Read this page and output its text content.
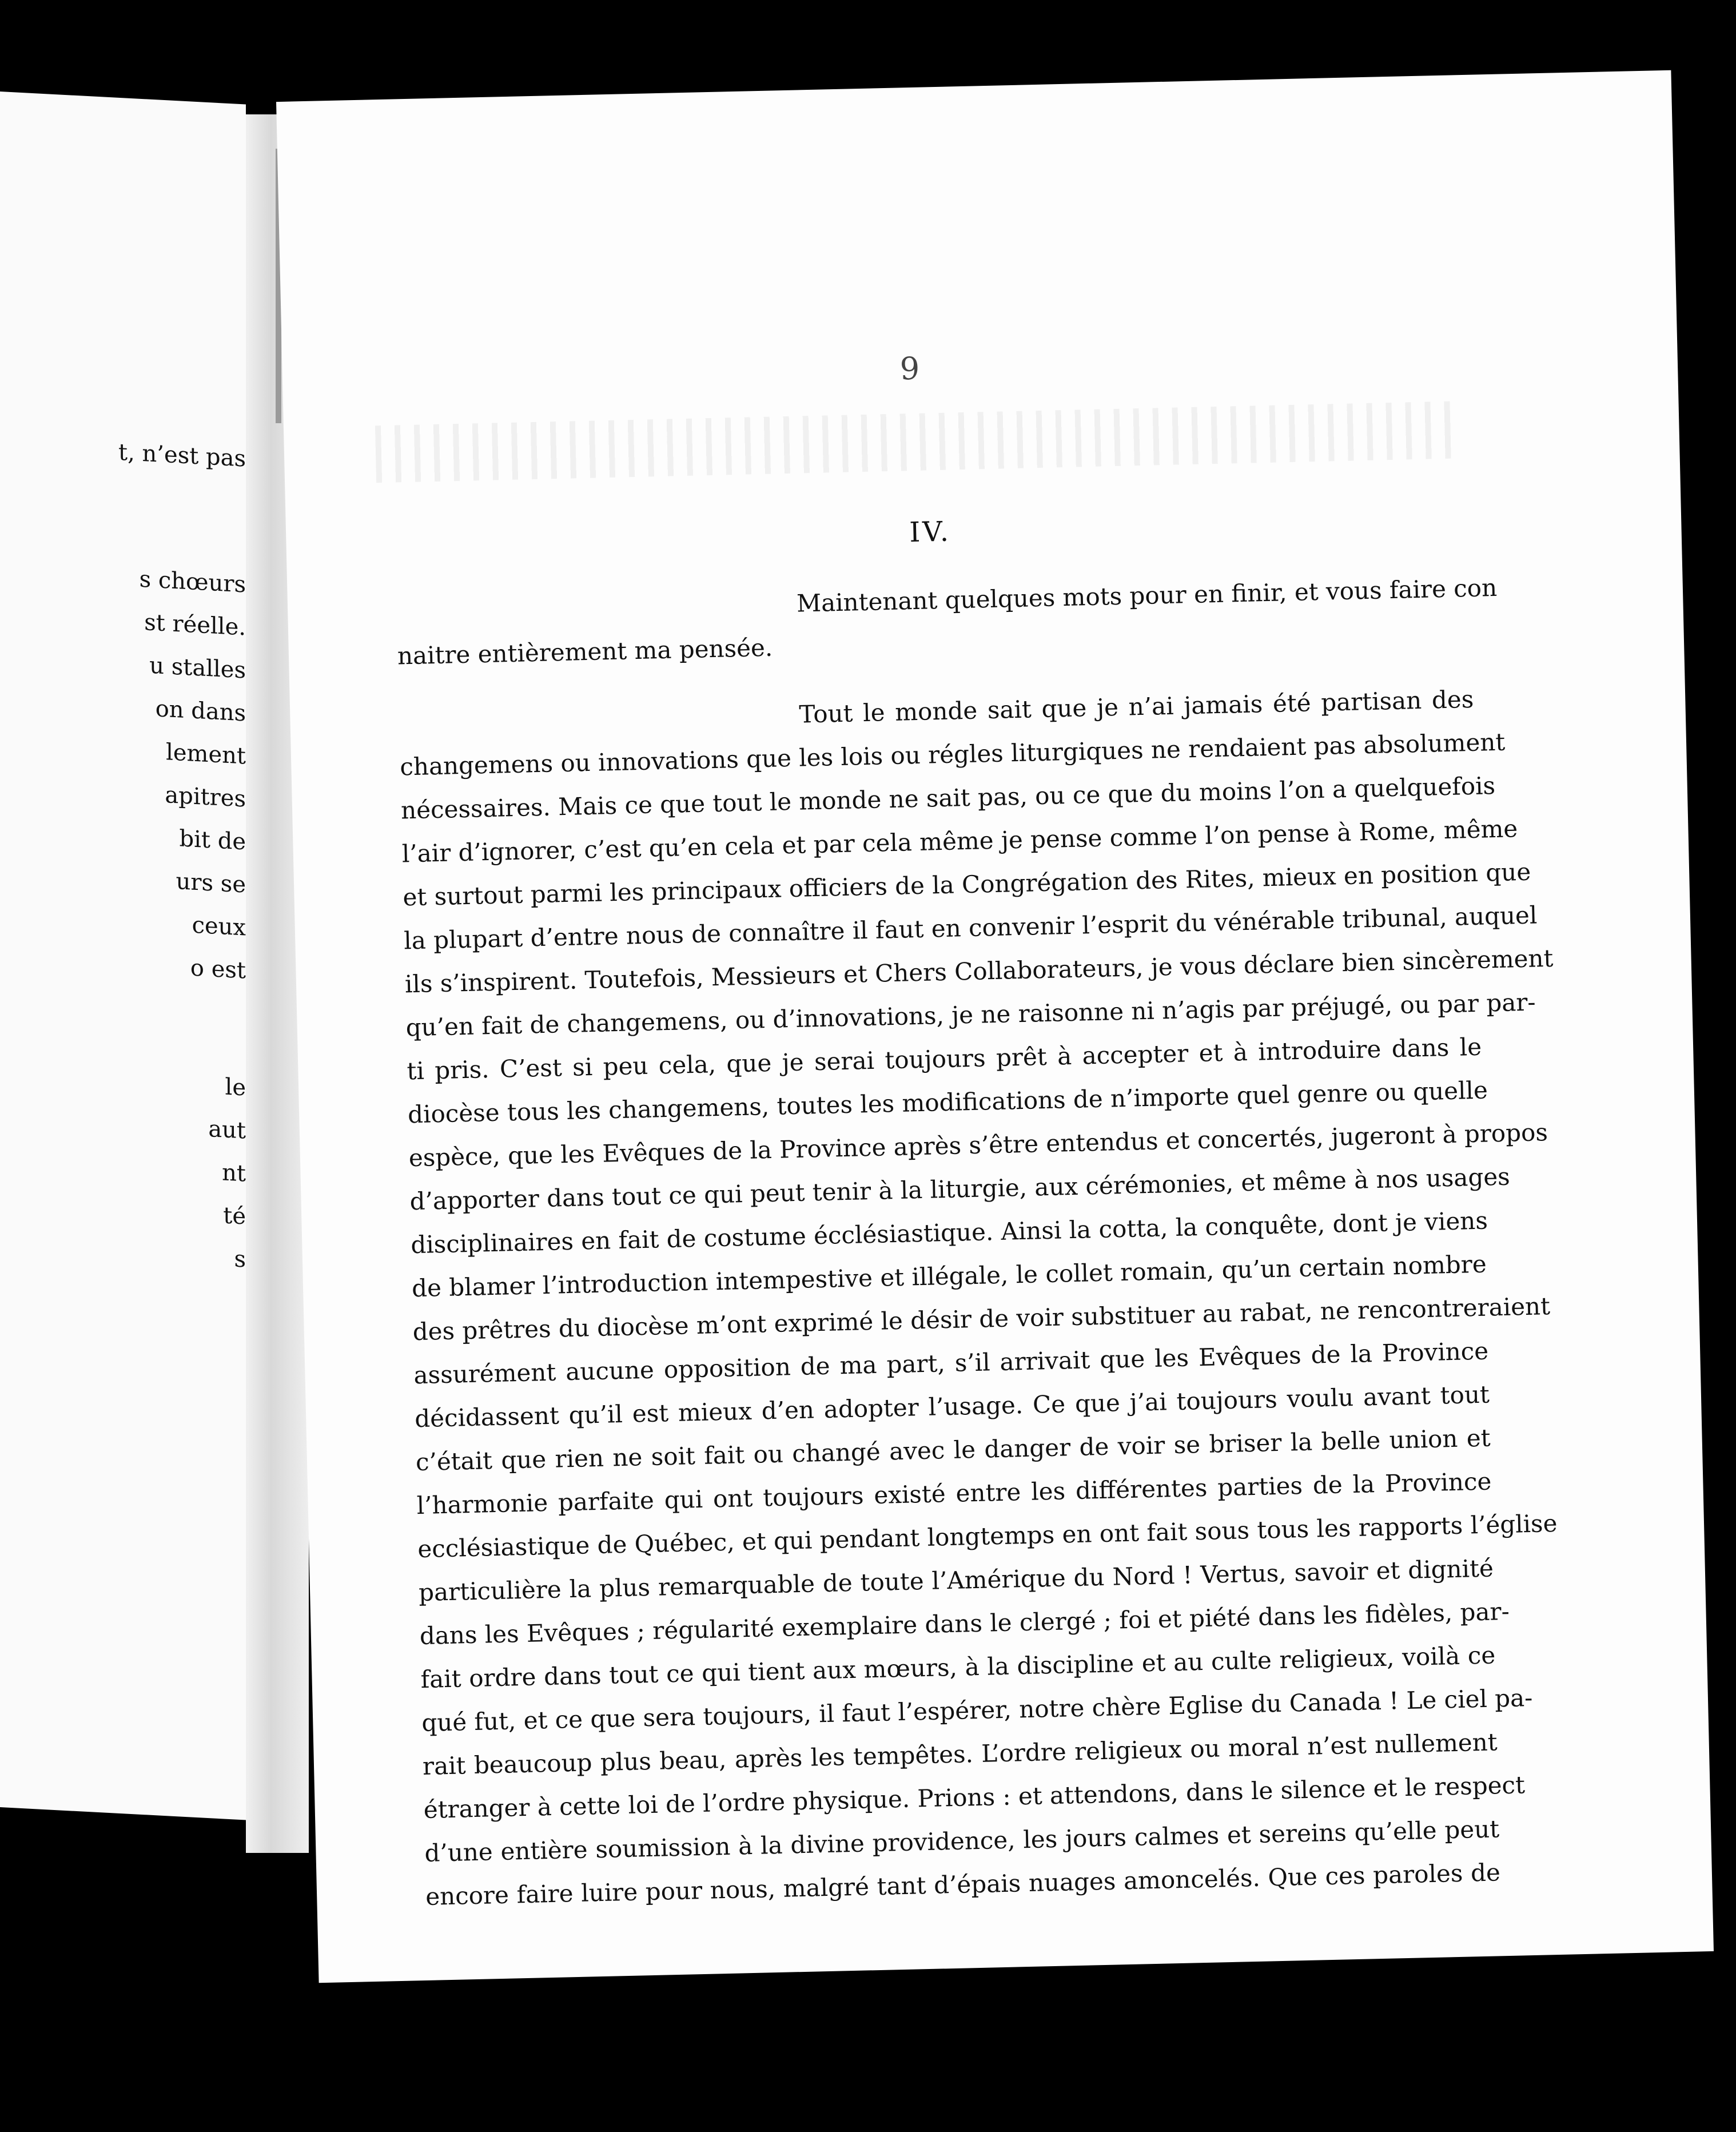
t, n’est pas
s chœurs
st réelle.
u stalles
on dans
lement
apitres
bit de
urs se
ceux
o est
le
aut
nt
té
s
9
IV.
Maintenant quelques mots pour en finir, et vous faire con
naitre entièrement ma pensée.
Tout le monde sait que je n’ai jamais été partisan des
changemens ou innovations que les lois ou régles liturgiques ne rendaient pas absolument
nécessaires. Mais ce que tout le monde ne sait pas, ou ce que du moins l’on a quelquefois
l’air d’ignorer, c’est qu’en cela et par cela même je pense comme l’on pense à Rome, même
et surtout parmi les principaux officiers de la Congrégation des Rites, mieux en position que
la plupart d’entre nous de connaître il faut en convenir l’esprit du vénérable tribunal, auquel
ils s’inspirent. Toutefois, Messieurs et Chers Collaborateurs, je vous déclare bien sincèrement
qu’en fait de changemens, ou d’innovations, je ne raisonne ni n’agis par préjugé, ou par par-
ti pris. C’est si peu cela, que je serai toujours prêt à accepter et à introduire dans le
diocèse tous les changemens, toutes les modifications de n’importe quel genre ou quelle
espèce, que les Evêques de la Province après s’être entendus et concertés, jugeront à propos
d’apporter dans tout ce qui peut tenir à la liturgie, aux cérémonies, et même à nos usages
disciplinaires en fait de costume écclésiastique. Ainsi la cotta, la conquête, dont je viens
de blamer l’introduction intempestive et illégale, le collet romain, qu’un certain nombre
des prêtres du diocèse m’ont exprimé le désir de voir substituer au rabat, ne rencontreraient
assurément aucune opposition de ma part, s’il arrivait que les Evêques de la Province
décidassent qu’il est mieux d’en adopter l’usage. Ce que j’ai toujours voulu avant tout
c’était que rien ne soit fait ou changé avec le danger de voir se briser la belle union et
l’harmonie parfaite qui ont toujours existé entre les différentes parties de la Province
ecclésiastique de Québec, et qui pendant longtemps en ont fait sous tous les rapports l’église
particulière la plus remarquable de toute l’Amérique du Nord ! Vertus, savoir et dignité
dans les Evêques ; régularité exemplaire dans le clergé ; foi et piété dans les fidèles, par-
fait ordre dans tout ce qui tient aux mœurs, à la discipline et au culte religieux, voilà ce
qué fut, et ce que sera toujours, il faut l’espérer, notre chère Eglise du Canada ! Le ciel pa-
rait beaucoup plus beau, après les tempêtes. L’ordre religieux ou moral n’est nullement
étranger à cette loi de l’ordre physique. Prions : et attendons, dans le silence et le respect
d’une entière soumission à la divine providence, les jours calmes et sereins qu’elle peut
encore faire luire pour nous, malgré tant d’épais nuages amoncelés. Que ces paroles de
